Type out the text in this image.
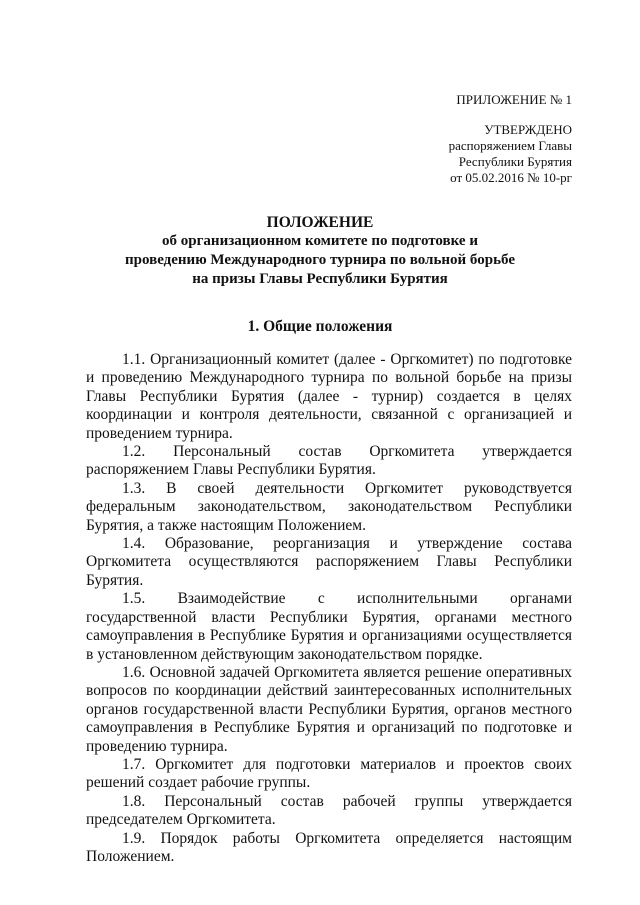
ПРИЛОЖЕНИЕ № 1
УТВЕРЖДЕНО
распоряжением Главы
Республики Бурятия
от 05.02.2016 № 10-рг
ПОЛОЖЕНИЕ
об организационном комитете по подготовке и
проведению Международного турнира по вольной борьбе
на призы Главы Республики Бурятия
1. Общие положения

1.1. Организационный комитет (далее - Оргкомитет) по подготовке и проведению Международного турнира по вольной борьбе на призы Главы Республики Бурятия (далее - турнир) создается в целях координации и контроля деятельности, связанной с организацией и проведением турнира.

1.2. Персональный состав Оргкомитета утверждается распоряжением Главы Республики Бурятия.

1.3. В своей деятельности Оргкомитет руководствуется федеральным законодательством, законодательством Республики Бурятия, а также настоящим Положением.

1.4. Образование, реорганизация и утверждение состава Оргкомитета осуществляются распоряжением Главы Республики Бурятия.

1.5. Взаимодействие с исполнительными органами государственной власти Республики Бурятия, органами местного самоуправления в Республике Бурятия и организациями осуществляется в установленном действующим законодательством порядке.

1.6. Основной задачей Оргкомитета является решение оперативных вопросов по координации действий заинтересованных исполнительных органов государственной власти Республики Бурятия, органов местного самоуправления в Республике Бурятия и организаций по подготовке и проведению турнира.

1.7. Оргкомитет для подготовки материалов и проектов своих решений создает рабочие группы.

1.8. Персональный состав рабочей группы утверждается председателем Оргкомитета.

1.9. Порядок работы Оргкомитета определяется настоящим Положением.
